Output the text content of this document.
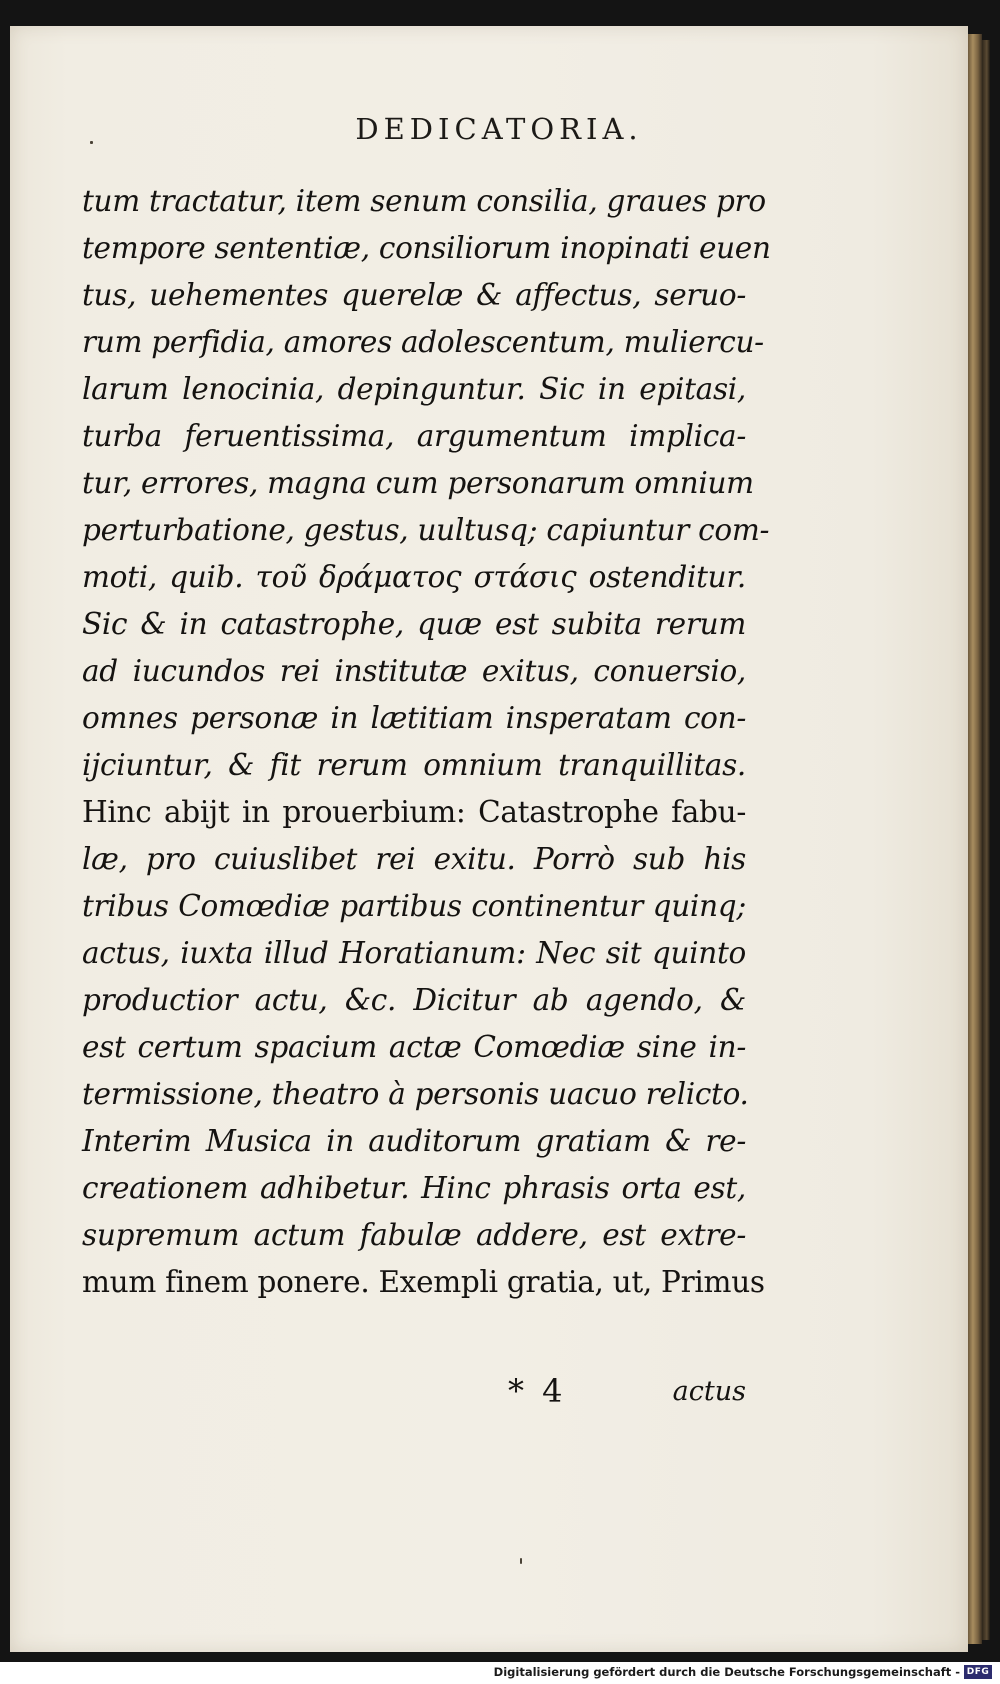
DEDICATORIA.
tum tractatur, item senum consilia, graues pro
tempore sententiæ, consiliorum inopinati euen
tus, uehementes querelæ & affectus, seruo-
rum perfidia, amores adolescentum, muliercu-
larum lenocinia, depinguntur. Sic in epitasi,
turba feruentissima, argumentum implica-
tur, errores, magna cum personarum omnium
perturbatione, gestus, uultusq; capiuntur com-
moti, quib. τοῦ δράματος στάσις ostenditur.
Sic & in catastrophe, quæ est subita rerum
ad iucundos rei institutæ exitus, conuersio,
omnes personæ in lætitiam insperatam con-
ijciuntur, & fit rerum omnium tranquillitas.
Hinc abijt in prouerbium: Catastrophe fabu-
læ, pro cuiuslibet rei exitu. Porrò sub his
tribus Comœdiæ partibus continentur quinq;
actus, iuxta illud Horatianum: Nec sit quinto
productior actu, &c. Dicitur ab agendo, &
est certum spacium actæ Comœdiæ sine in-
termissione, theatro à personis uacuo relicto.
Interim Musica in auditorum gratiam & re-
creationem adhibetur. Hinc phrasis orta est,
supremum actum fabulæ addere, est extre-
mum finem ponere. Exempli gratia, ut, Primus
* 4	actus
Digitalisierung gefördert durch die Deutsche Forschungsgemeinschaft - DFG
